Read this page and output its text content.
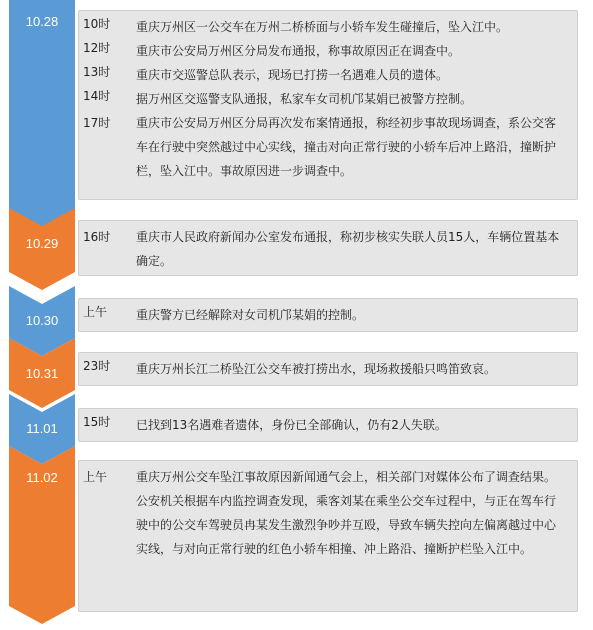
10.28
10.29
10.30
10.31
11.01
11.02
10时 重庆万州区一公交车在万州二桥桥面与小轿车发生碰撞后，坠入江中。
12时 重庆市公安局万州区分局发布通报，称事故原因正在调查中。
13时 重庆市交巡警总队表示，现场已打捞一名遇难人员的遗体。
14时 据万州区交巡警支队通报，私家车女司机邝某娟已被警方控制。
17时 重庆市公安局万州区分局再次发布案情通报，称经初步事故现场调查，系公交客车在行驶中突然越过中心实线，撞击对向正常行驶的小轿车后冲上路沿，撞断护栏，坠入江中。事故原因进一步调查中。
16时 重庆市人民政府新闻办公室发布通报，称初步核实失联人员15人，车辆位置基本确定。
上午 重庆警方已经解除对女司机邝某娟的控制。
23时 重庆万州长江二桥坠江公交车被打捞出水，现场救援船只鸣笛致哀。
15时 已找到13名遇难者遗体，身份已全部确认，仍有2人失联。
上午 重庆万州公交车坠江事故原因新闻通气会上，相关部门对媒体公布了调查结果。公安机关根据车内监控调查发现，乘客刘某在乘坐公交车过程中，与正在驾车行驶中的公交车驾驶员冉某发生激烈争吵并互殴，导致车辆失控向左偏离越过中心实线，与对向正常行驶的红色小轿车相撞、冲上路沿、撞断护栏坠入江中。
